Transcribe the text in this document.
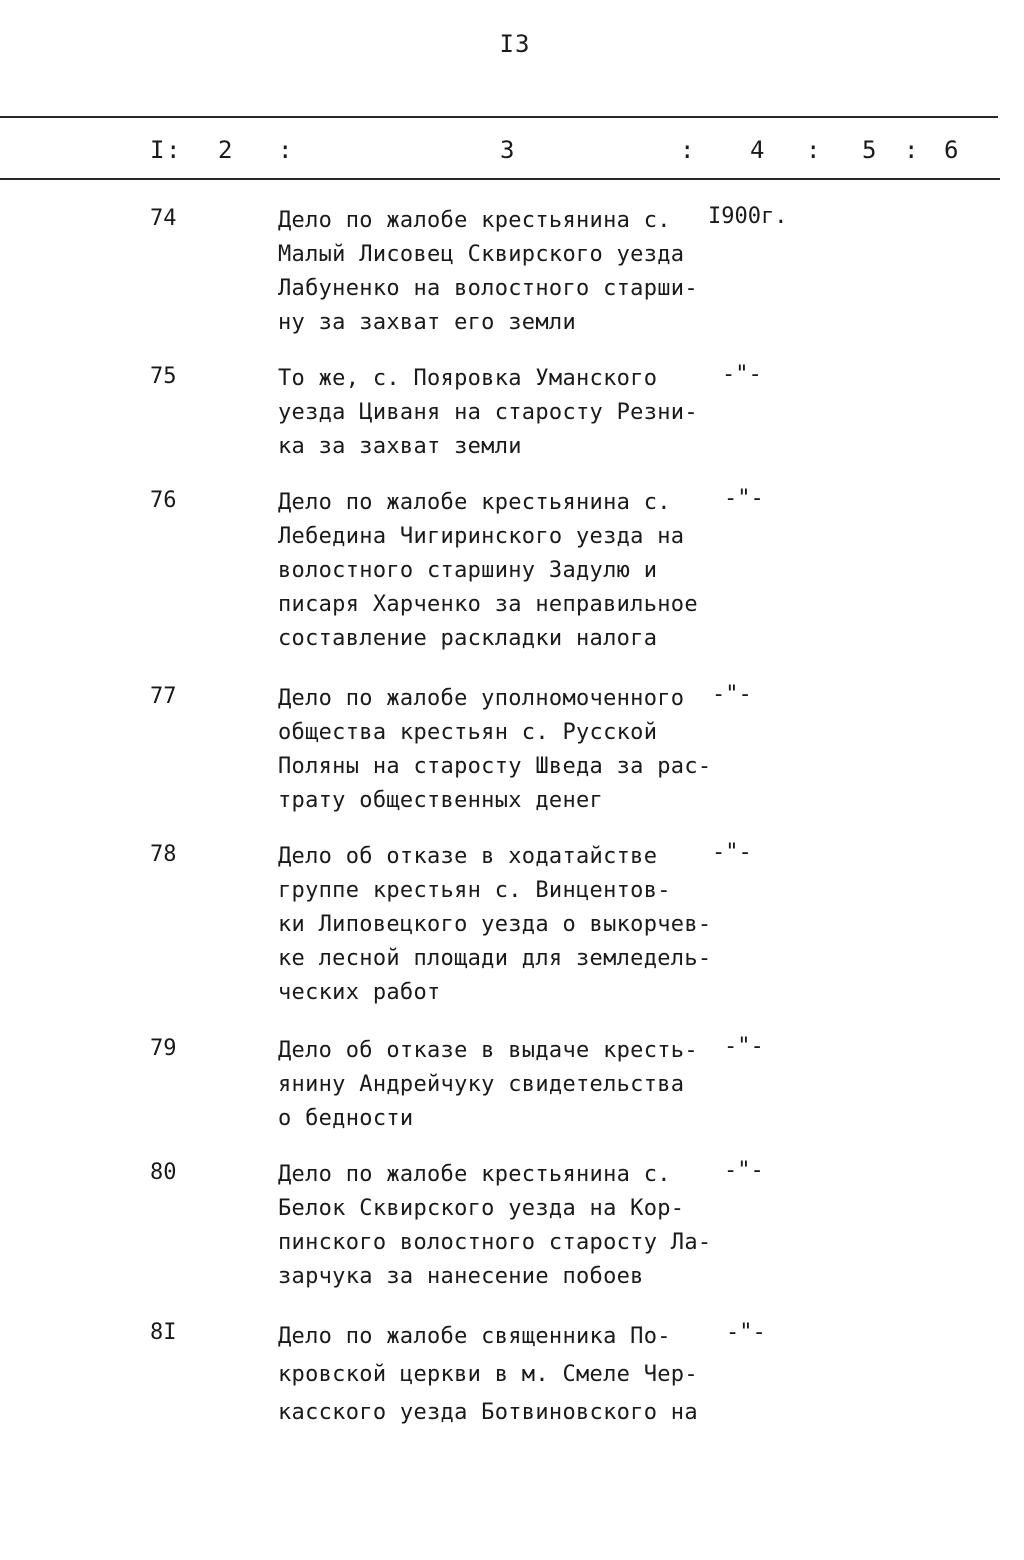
I3
I : 2 :	3	: 4 : 5 : 6
74	Дело по жалобе крестьянина с.
Малый Лисовец Сквирского уезда
Лабуненко на волостного старши-
ну за захват его земли
I900г.
75	То же, с. Пояровка Уманского
уезда Циваня на старосту Резни-
ка за захват земли
-"-
76	Дело по жалобе крестьянина с.
Лебедина Чигиринского уезда на
волостного старшину Задулю и
писаря Харченко за неправильное
составление раскладки налога
-"-
77	Дело по жалобе уполномоченного
общества крестьян с. Русской
Поляны на старосту Шведа за рас-
трату общественных денег
-"-
78	Дело об отказе в ходатайстве
группе крестьян с. Винцентов-
ки Липовецкого уезда о выкорчев-
ке лесной площади для земледель-
ческих работ
-"-
79	Дело об отказе в выдаче кресть-
янину Андрейчуку свидетельства
о бедности
-"-
80	Дело по жалобе крестьянина с.
Белок Сквирского уезда на Кор-
пинского волостного старосту Ла-
зарчука за нанесение побоев
-"-
8I	Дело по жалобе священника По-
кровской церкви в м. Смеле Чер-
касского уезда Ботвиновского на
-"-
